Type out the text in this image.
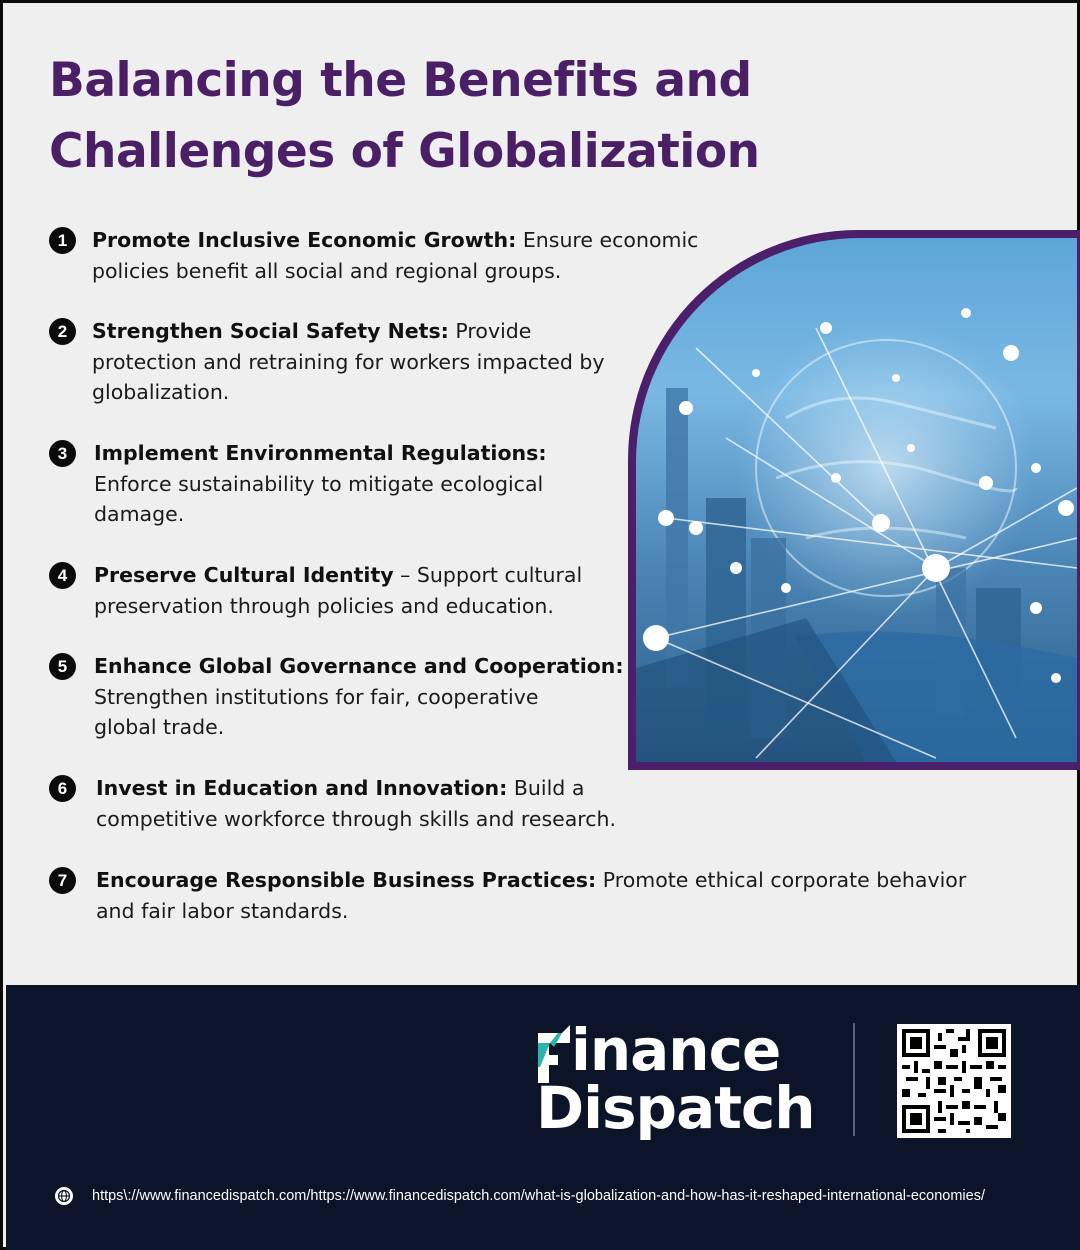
Balancing the Benefits and Challenges of Globalization
1	Promote Inclusive Economic Growth: Ensure economic policies benefit all social and regional groups.

2	Strengthen Social Safety Nets: Provide protection and retraining for workers impacted by globalization.

3	Implement Environmental Regulations: Enforce sustainability to mitigate ecological damage.

4	Preserve Cultural Identity – Support cultural preservation through policies and education.

5	Enhance Global Governance and Cooperation:
Strengthen institutions for fair, cooperative global trade.

6	Invest in Education and Innovation: Build a competitive workforce through skills and research.

7	Encourage Responsible Business Practices: Promote ethical corporate behavior and fair labor standards.

inance
Dispatch
https\://www.financedispatch.com/https://www.financedispatch.com/what-is-globalization-and-how-has-it-reshaped-international-economies/
